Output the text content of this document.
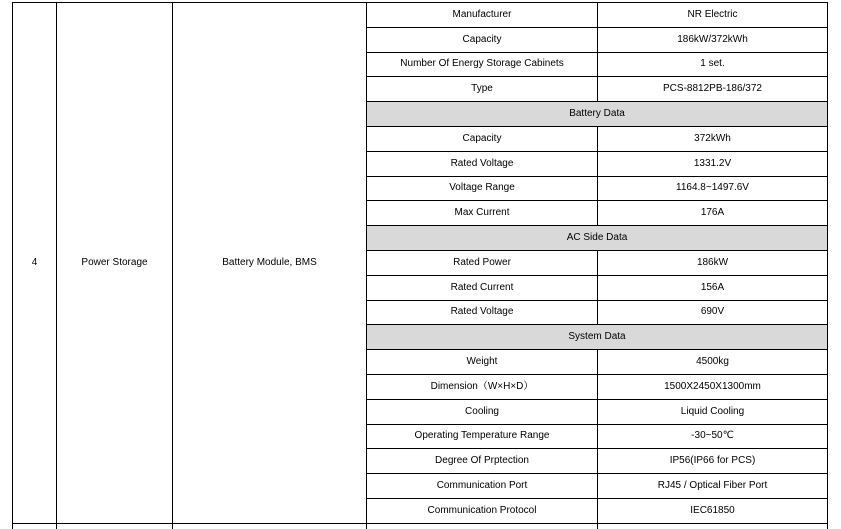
4	Power Storage	Battery Module, BMS	Manufacturer	NR Electric
			Capacity	186kW/372kWh
			Number Of Energy Storage Cabinets	1 set.
			Type	PCS-8812PB-186/372
			Battery Data	
			Capacity	372kWh
			Rated Voltage	1331.2V
			Voltage Range	1164.8~1497.6V
			Max Current	176A
			AC Side Data	
			Rated Power	186kW
			Rated Current	156A
			Rated Voltage	690V
			System Data	
			Weight	4500kg
			Dimension（W×H×D）	1500X2450X1300mm
			Cooling	Liquid Cooling
			Operating Temperature Range	-30~50℃
			Degree Of Prptection	IP56(IP66 for PCS)
			Communication Port	RJ45 / Optical Fiber Port
			Communication Protocol	IEC61850
